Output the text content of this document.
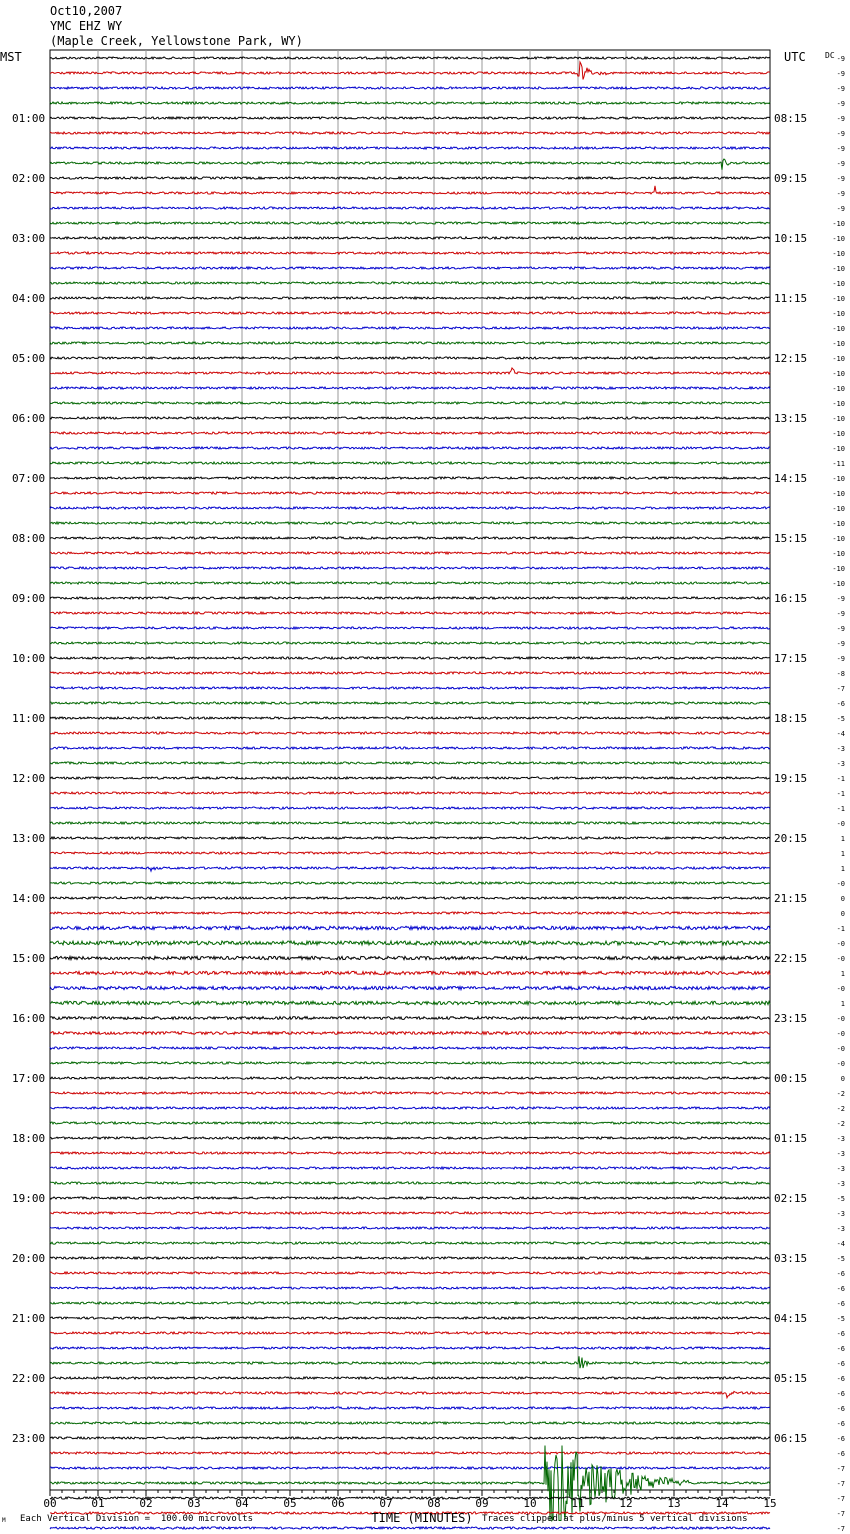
00	01	02	03	04	05	06	07	08	09	10	11	12	13	14	15
TIME (MINUTES)
MST	UTC DC
01:00
02:00
03:00
04:00
05:00
06:00
07:00
08:00
09:00
10:00
11:00
12:00
13:00
14:00
15:00
16:00
17:00
18:00
19:00
20:00
21:00
22:00
23:00
08:15
09:15
10:15
11:15
12:15
13:15
14:15
15:15
16:15
17:15
18:15
19:15
20:15
21:15
22:15
23:15
00:15
01:15
02:15
03:15
04:15
05:15
06:15
-9
-9
-9
-9
-9
-9
-9
-9
-9
-9
-9
-10
-10
-10
-10
-10
-10
-10
-10
-10
-10
-10
-10
-10
-10
-10
-10
-11
-10
-10
-10
-10
-10
-10
-10
-10
-9
-9
-9
-9
-9
-8
-7
-6
-5
-4
-3
-3
-1
-1
-1
-0
1
1
1
-0
0
0
-1
-0
-0
1
-0
1
-0
-0
-0
-0
0
-2
-2
-2
-3
-3
-3
-3
-5
-3
-3
-4
-5
-6
-6
-6
-5
-6
-6
-6
-6
-6
-6
-6
-6
-6
-7
-7
-7
-7
-7
Oct10,2007
YMC EHZ WY
(Maple Creek, Yellowstone Park, WY)
Each Vertical Division =  100.00 microvolts	Traces clipped at plus/minus 5 vertical divisions
M
